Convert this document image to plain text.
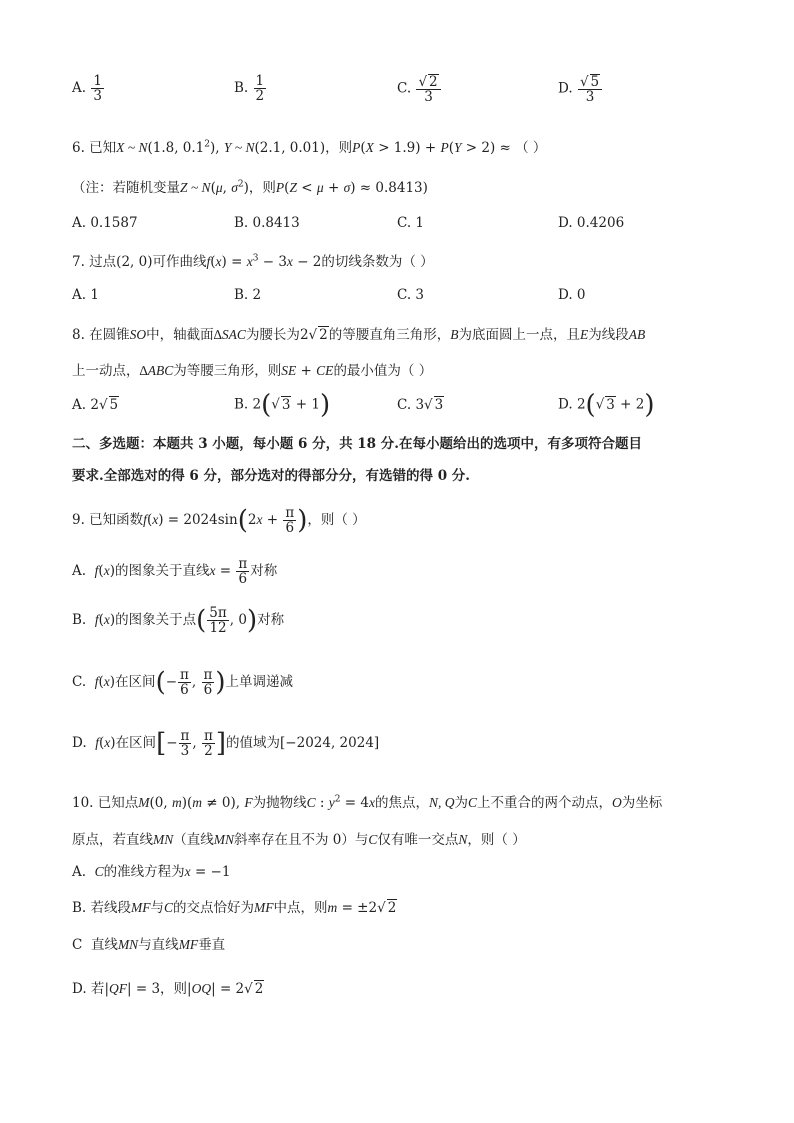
A. $\frac{1}{3}$	B. $\frac{1}{2}$	C. $\frac{√ 2}{3}$	D. $\frac{√ 5}{3}$
6. 已知X ~ N(1.8, $0.1^2$), Y ~ N(2.1, 0.01)，则P(X > 1.9) + P(Y > 2) ≈ （ ）
（注：若随机变量Z ~ N(μ, $\sigma^2$)，则P(Z < μ + σ) ≈ 0.8413)
A. 0.1587	B. 0.8413	C. 1	D. 0.4206
7. 过点(2, 0)可作曲线$f(x) = x^3 - 3x - 2$的切线条数为（ ）
A. 1	B. 2	C. 3	D. 0
8. 在圆锥SO中，轴截面∆SAC为腰长为2√ 2的等腰直角三角形，B为底面圆上一点，且E为线段AB
上一动点，∆ABC为等腰三角形，则SE + CE的最小值为（ ）
A. 2√ 5	B. 2(√ 3 + 1)	C. 3√ 3	D. 2(√ 3 + 2)
二、多选题：本题共 3 小题，每小题 6 分，共 18 分.在每小题给出的选项中，有多项符合题目
要求.全部选对的得 6 分，部分选对的得部分分，有选错的得 0 分.
9. 已知函数$f(x) = 2024\sin(2x + \frac{\pi}{6}$ )，则（ ）
A. f(x)的图象关于直线$x = \frac{\pi}{6}$ 对称
B. f(x)的图象关于点( $\frac{5\pi}{12}$ , 0)对称
C. f(x)在区间(− $\frac{\pi}{6}$ , $\frac{\pi}{6}$ )上单调递减
D. f(x)在区间[− $\frac{\pi}{3}$ , $\frac{\pi}{2}$ ]的值域为[−2024, 2024]
10. 已知点M(0, m)(m ≠ 0), F为抛物线C : $y^2 = 4x$的焦点，N, Q为C上不重合的两个动点，O为坐标
原点，若直线MN（直线MN斜率存在且不为 0）与C仅有唯一交点N，则（ ）
A. C的准线方程为x = −1
B. 若线段MF与C的交点恰好为MF中点，则m = ±2√ 2
C 直线MN与直线MF垂直
D. 若|QF| = 3，则|OQ| = 2√ 2
